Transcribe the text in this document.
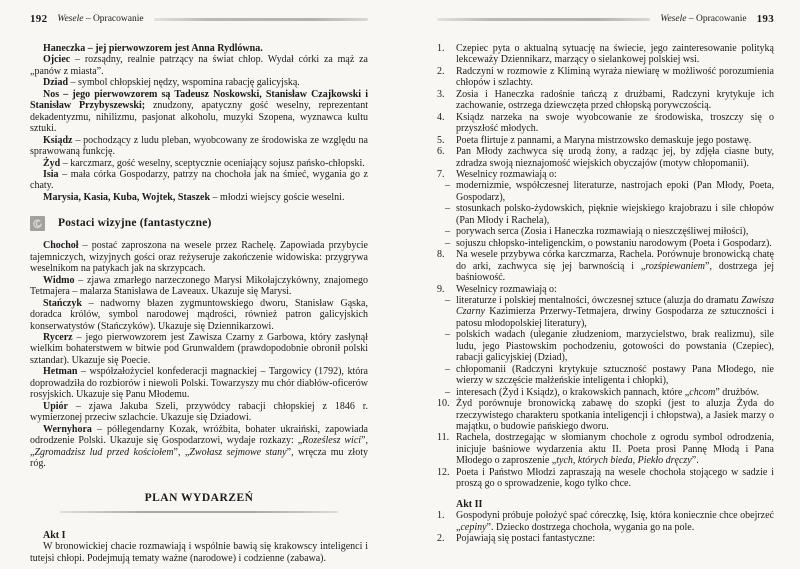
192 Wesele – Opracowanie

Haneczka – jej pierwowzorem jest Anna Rydlówna.

Ojciec – rozsądny, realnie patrzący na świat chłop. Wydał córki za mąż za „panów z miasta”.

Dziad – symbol chłopskiej nędzy, wspomina rabację galicyjską.

Nos – jego pierwowzorem są Tadeusz Noskowski, Stanisław Czajkowski i Stanisław Przybyszewski; znudzony, apatyczny gość weselny, reprezentant dekadentyzmu, nihilizmu, pasjonat alkoholu, muzyki Szopena, wyznawca kultu sztuki.

Ksiądz – pochodzący z ludu pleban, wyobcowany ze środowiska ze względu na sprawowaną funkcję.

Żyd – karczmarz, gość weselny, sceptycznie oceniający sojusz pańsko-chłopski.

Isia – mała córka Gospodarzy, patrzy na chochoła jak na śmieć, wygania go z chaty.

Marysia, Kasia, Kuba, Wojtek, Staszek – młodzi wiejscy goście weselni.

Postaci wizyjne (fantastyczne)

Chochoł – postać zaproszona na wesele przez Rachelę. Zapowiada przybycie tajemniczych, wizyjnych gości oraz reżyseruje zakończenie widowiska: przygrywa weselnikom na patykach jak na skrzypcach.

Widmo – zjawa zmarłego narzeczonego Marysi Mikołajczykówny, znajomego Tetmajera – malarza Stanisława de Laveaux. Ukazuje się Marysi.

Stańczyk – nadworny błazen zygmuntowskiego dworu, Stanisław Gąska, doradca królów, symbol narodowej mądrości, również patron galicyjskich konserwatystów (Stańczyków). Ukazuje się Dziennikarzowi.

Rycerz – jego pierwowzorem jest Zawisza Czarny z Garbowa, który zasłynął wielkim bohaterstwem w bitwie pod Grunwaldem (prawdopodobnie obronił polski sztandar). Ukazuje się Poecie.

Hetman – współzałożyciel konfederacji magnackiej – Targowicy (1792), która doprowadziła do rozbiorów i niewoli Polski. Towarzyszy mu chór diabłów-oficerów rosyjskich. Ukazuje się Panu Młodemu.

Upiór – zjawa Jakuba Szeli, przywódcy rabacji chłopskiej z 1846 r. wymierzonej przeciw szlachcie. Ukazuje się Dziadowi.

Wernyhora – półlegendarny Kozak, wróżbita, bohater ukraiński, zapowiada odrodzenie Polski. Ukazuje się Gospodarzowi, wydaje rozkazy: „Roześlesz wici”, „Zgromadzisz lud przed kościołem”, „Zwołasz sejmowe stany”, wręcza mu złoty róg.

PLAN WYDARZEŃ

Akt I

W bronowickiej chacie rozmawiają i wspólnie bawią się krakowscy inteligenci i tutejsi chłopi. Podejmują tematy ważne (narodowe) i codzienne (zabawa).

Wesele – Opracowanie 193
1.	Czepiec pyta o aktualną sytuację na świecie, jego zainteresowanie polityką lekceważy Dziennikarz, marzący o sielankowej polskiej wsi.
2.	Radczyni w rozmowie z Kliminą wyraża niewiarę w możliwość porozumienia chłopów i szlachty.
3.	Zosia i Haneczka radośnie tańczą z drużbami, Radczyni krytykuje ich zachowanie, ostrzega dziewczęta przed chłopską porywczością.
4.	Ksiądz narzeka na swoje wyobcowanie ze środowiska, troszczy się o przyszłość młodych.
5.	Poeta flirtuje z pannami, a Maryna mistrzowsko demaskuje jego postawę.
6.	Pan Młody zachwyca się urodą żony, a radząc jej, by zdjęła ciasne buty, zdradza swoją nieznajomość wiejskich obyczajów (motyw chłopomanii).
7.	Weselnicy rozmawiają o:
– modernizmie, współczesnej literaturze, nastrojach epoki (Pan Młody, Poeta, Gospodarz),
– stosunkach polsko-żydowskich, pięknie wiejskiego krajobrazu i sile chłopów (Pan Młody i Rachela),
– porywach serca (Zosia i Haneczka rozmawiają o nieszczęśliwej miłości),
– sojuszu chłopsko-inteligenckim, o powstaniu narodowym (Poeta i Gospodarz).
8.	Na wesele przybywa córka karczmarza, Rachela. Porównuje bronowicką chatę do arki, zachwyca się jej barwnością i „rozśpiewaniem”, dostrzega jej baśniowość.
9.	Weselnicy rozmawiają o:
– literaturze i polskiej mentalności, ówczesnej sztuce (aluzja do dramatu Zawisza Czarny Kazimierza Przerwy-Tetmajera, drwiny Gospodarza ze sztuczności i patosu młodopolskiej literatury),
– polskich wadach (uleganie złudzeniom, marzycielstwo, brak realizmu), sile ludu, jego Piastowskim pochodzeniu, gotowości do powstania (Czepiec), rabacji galicyjskiej (Dziad),
– chłopomanii (Radczyni krytykuje sztuczność postawy Pana Młodego, nie wierzy w szczęście małżeńskie inteligenta i chłopki),
– interesach (Żyd i Ksiądz), o krakowskich pannach, które „chcom” drużbów.
10. Żyd porównuje bronowicką zabawę do szopki (jest to aluzja Żyda do rzeczywistego charakteru spotkania inteligencji i chłopstwa), a Jasiek marzy o majątku, o budowie pańskiego dworu.
11. Rachela, dostrzegając w słomianym chochole z ogrodu symbol odrodzenia, inicjuje baśniowe wydarzenia aktu II. Poeta prosi Pannę Młodą i Pana Młodego o zaproszenie „tych, których bieda, Piekło dręczy”.
12. Poeta i Państwo Młodzi zapraszają na wesele chochoła stojącego w sadzie i proszą go o sprowadzenie, kogo tylko chce.
Akt II
1.	Gospodyni próbuje położyć spać córeczkę, Isię, która koniecznie chce obejrzeć „cepiny”. Dziecko dostrzega chochoła, wygania go na pole.
2.	Pojawiają się postaci fantastyczne:
